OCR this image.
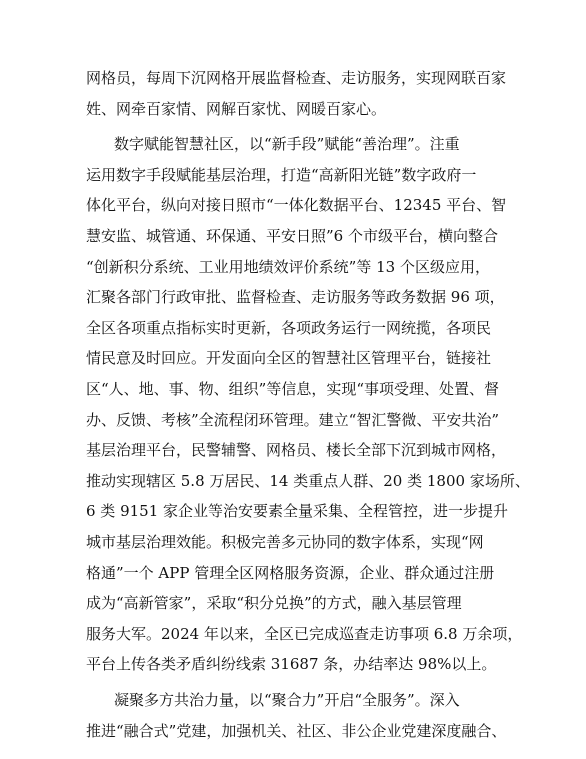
网格员，每周下沉网格开展监督检查、走访服务，实现网联百家
姓、网牵百家情、网解百家忧、网暖百家心。
数字赋能智慧社区，以“新手段”赋能“善治理”。注重
运用数字手段赋能基层治理，打造“高新阳光链”数字政府一
体化平台，纵向对接日照市“一体化数据平台、12345 平台、智
慧安监、城管通、环保通、平安日照”6 个市级平台，横向整合
“创新积分系统、工业用地绩效评价系统”等 13 个区级应用，
汇聚各部门行政审批、监督检查、走访服务等政务数据 96 项，
全区各项重点指标实时更新，各项政务运行一网统揽，各项民
情民意及时回应。开发面向全区的智慧社区管理平台，链接社
区“人、地、事、物、组织”等信息，实现“事项受理、处置、督
办、反馈、考核”全流程闭环管理。建立“智汇警微、平安共治”
基层治理平台，民警辅警、网格员、楼长全部下沉到城市网格，
推动实现辖区 5.8 万居民、14 类重点人群、20 类 1800 家场所、
6 类 9151 家企业等治安要素全量采集、全程管控，进一步提升
城市基层治理效能。积极完善多元协同的数字体系，实现“网
格通”一个 APP 管理全区网格服务资源，企业、群众通过注册
成为“高新管家”，采取“积分兑换”的方式，融入基层管理
服务大军。2024 年以来，全区已完成巡查走访事项 6.8 万余项，
平台上传各类矛盾纠纷线索 31687 条，办结率达 98%以上。
凝聚多方共治力量，以“聚合力”开启“全服务”。深入
推进“融合式”党建，加强机关、社区、非公企业党建深度融合、
